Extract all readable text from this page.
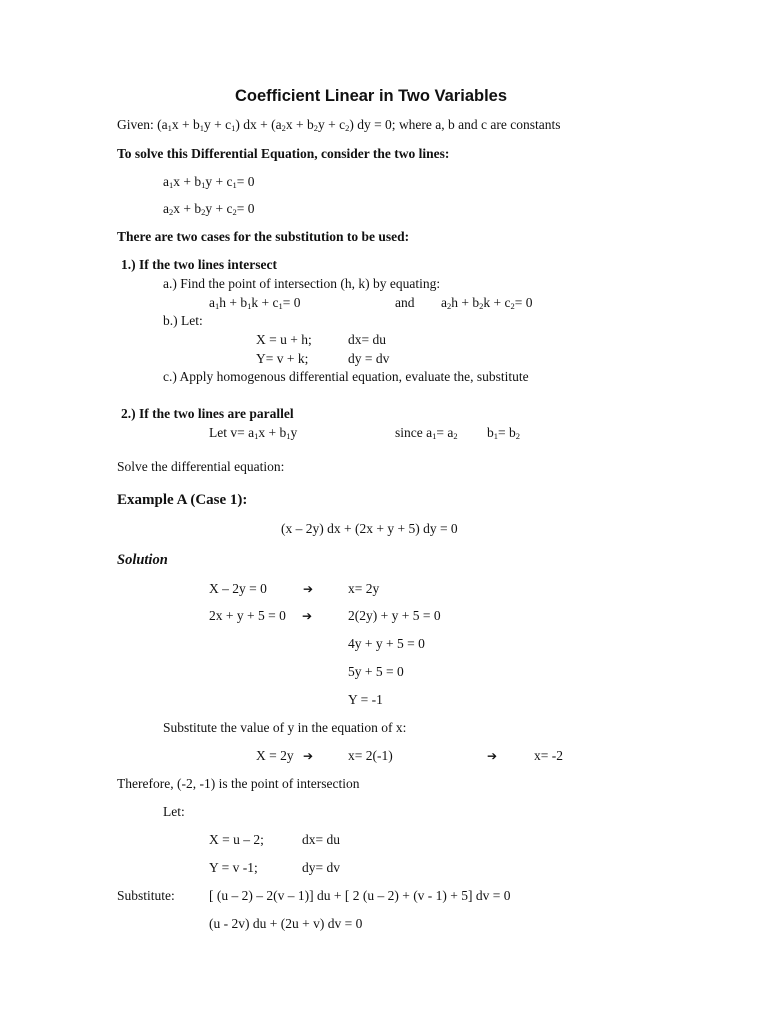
Coefficient Linear in Two Variables
Given: $(a_1x + b_1y + c_1)$ dx + $(a_2x + b_2y + c_2)$ dy = 0; where a, b and c are constants
To solve this Differential Equation, consider the two lines:
$a_1x + b_1y + c_1= 0$
$a_2x + b_2y + c_2= 0$
There are two cases for the substitution to be used:
1.) If the two lines intersect
a.) Find the point of intersection (h, k) by equating:
$a_1h + b_1k + c_1= 0$	and $a_2h + b_2k + c_2= 0$
b.) Let:
X = u + h;	dx= du
Y= v + k;	dy = dv
c.) Apply homogenous differential equation, evaluate the, substitute
2.) If the two lines are parallel
Let $v= a_1x + b_1y$	since $a_1= a_2$ $b_1= b_2$
Solve the differential equation:
Example A (Case 1):
(x – 2y) dx + (2x + y + 5) dy = 0
Solution
X – 2y = 0	➔	x= 2y
2x + y + 5 = 0 ➔	2(2y) + y + 5 = 0
4y + y + 5 = 0
5y + 5 = 0
Y = -1
Substitute the value of y in the equation of x:
X = 2y ➔	x= 2(-1)	➔	x= -2
Therefore, (-2, -1) is the point of intersection
Let:
X = u – 2;	dx= du
Y = v -1;	dy= dv
Substitute:	[ (u – 2) – 2(v – 1)] du + [ 2 (u – 2) + (v - 1) + 5] dv = 0
(u - 2v) du + (2u + v) dv = 0
